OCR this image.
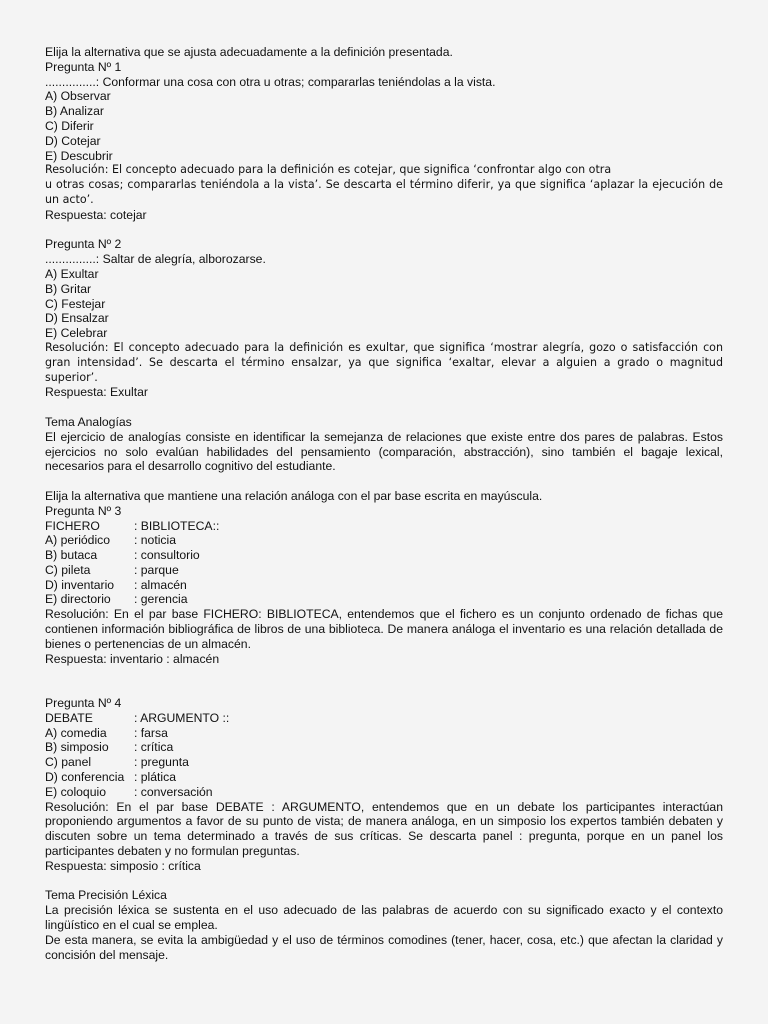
Elija la alternativa que se ajusta adecuadamente a la definición presentada.
Pregunta Nº 1
...............: Conformar una cosa con otra u otras; compararlas teniéndolas a la vista.
A) Observar
B) Analizar
C) Diferir
D) Cotejar
E) Descubrir
Resolución: El concepto adecuado para la definición es cotejar, que significa ‘confrontar algo con otra
u otras cosas; compararlas teniéndola a la vista’. Se descarta el término diferir, ya que significa ‘aplazar la ejecución de un acto’.
Respuesta: cotejar
Pregunta Nº 2
...............: Saltar de alegría, alborozarse.
A) Exultar
B) Gritar
C) Festejar
D) Ensalzar
E) Celebrar
Resolución: El concepto adecuado para la definición es exultar, que significa ‘mostrar alegría, gozo o satisfacción con gran intensidad’. Se descarta el término ensalzar, ya que significa ‘exaltar, elevar a alguien a grado o magnitud superior’.
Respuesta: Exultar
Tema Analogías
El ejercicio de analogías consiste en identificar la semejanza de relaciones que existe entre dos pares de palabras. Estos ejercicios no solo evalúan habilidades del pensamiento (comparación, abstracción), sino también el bagaje lexical, necesarios para el desarrollo cognitivo del estudiante.
Elija la alternativa que mantiene una relación análoga con el par base escrita en mayúscula.
Pregunta Nº 3
FICHERO	: BIBLIOTECA::
A) periódico	: noticia
B) butaca	: consultorio
C) pileta	: parque
D) inventario	: almacén
E) directorio	: gerencia
Resolución: En el par base FICHERO: BIBLIOTECA, entendemos que el fichero es un conjunto ordenado de fichas que contienen información bibliográfica de libros de una biblioteca. De manera análoga el inventario es una relación detallada de bienes o pertenencias de un almacén.
Respuesta: inventario : almacén
Pregunta Nº 4
DEBATE	: ARGUMENTO ::
A) comedia	: farsa
B) simposio	: crítica
C) panel	: pregunta
D) conferencia : plática
E) coloquio	: conversación
Resolución: En el par base DEBATE : ARGUMENTO, entendemos que en un debate los participantes interactúan proponiendo argumentos a favor de su punto de vista; de manera análoga, en un simposio los expertos también debaten y discuten sobre un tema determinado a través de sus críticas. Se descarta panel : pregunta, porque en un panel los participantes debaten y no formulan preguntas.
Respuesta: simposio : crítica
Tema Precisión Léxica
La precisión léxica se sustenta en el uso adecuado de las palabras de acuerdo con su significado exacto y el contexto lingüístico en el cual se emplea.
De esta manera, se evita la ambigüedad y el uso de términos comodines (tener, hacer, cosa, etc.) que afectan la claridad y concisión del mensaje.
